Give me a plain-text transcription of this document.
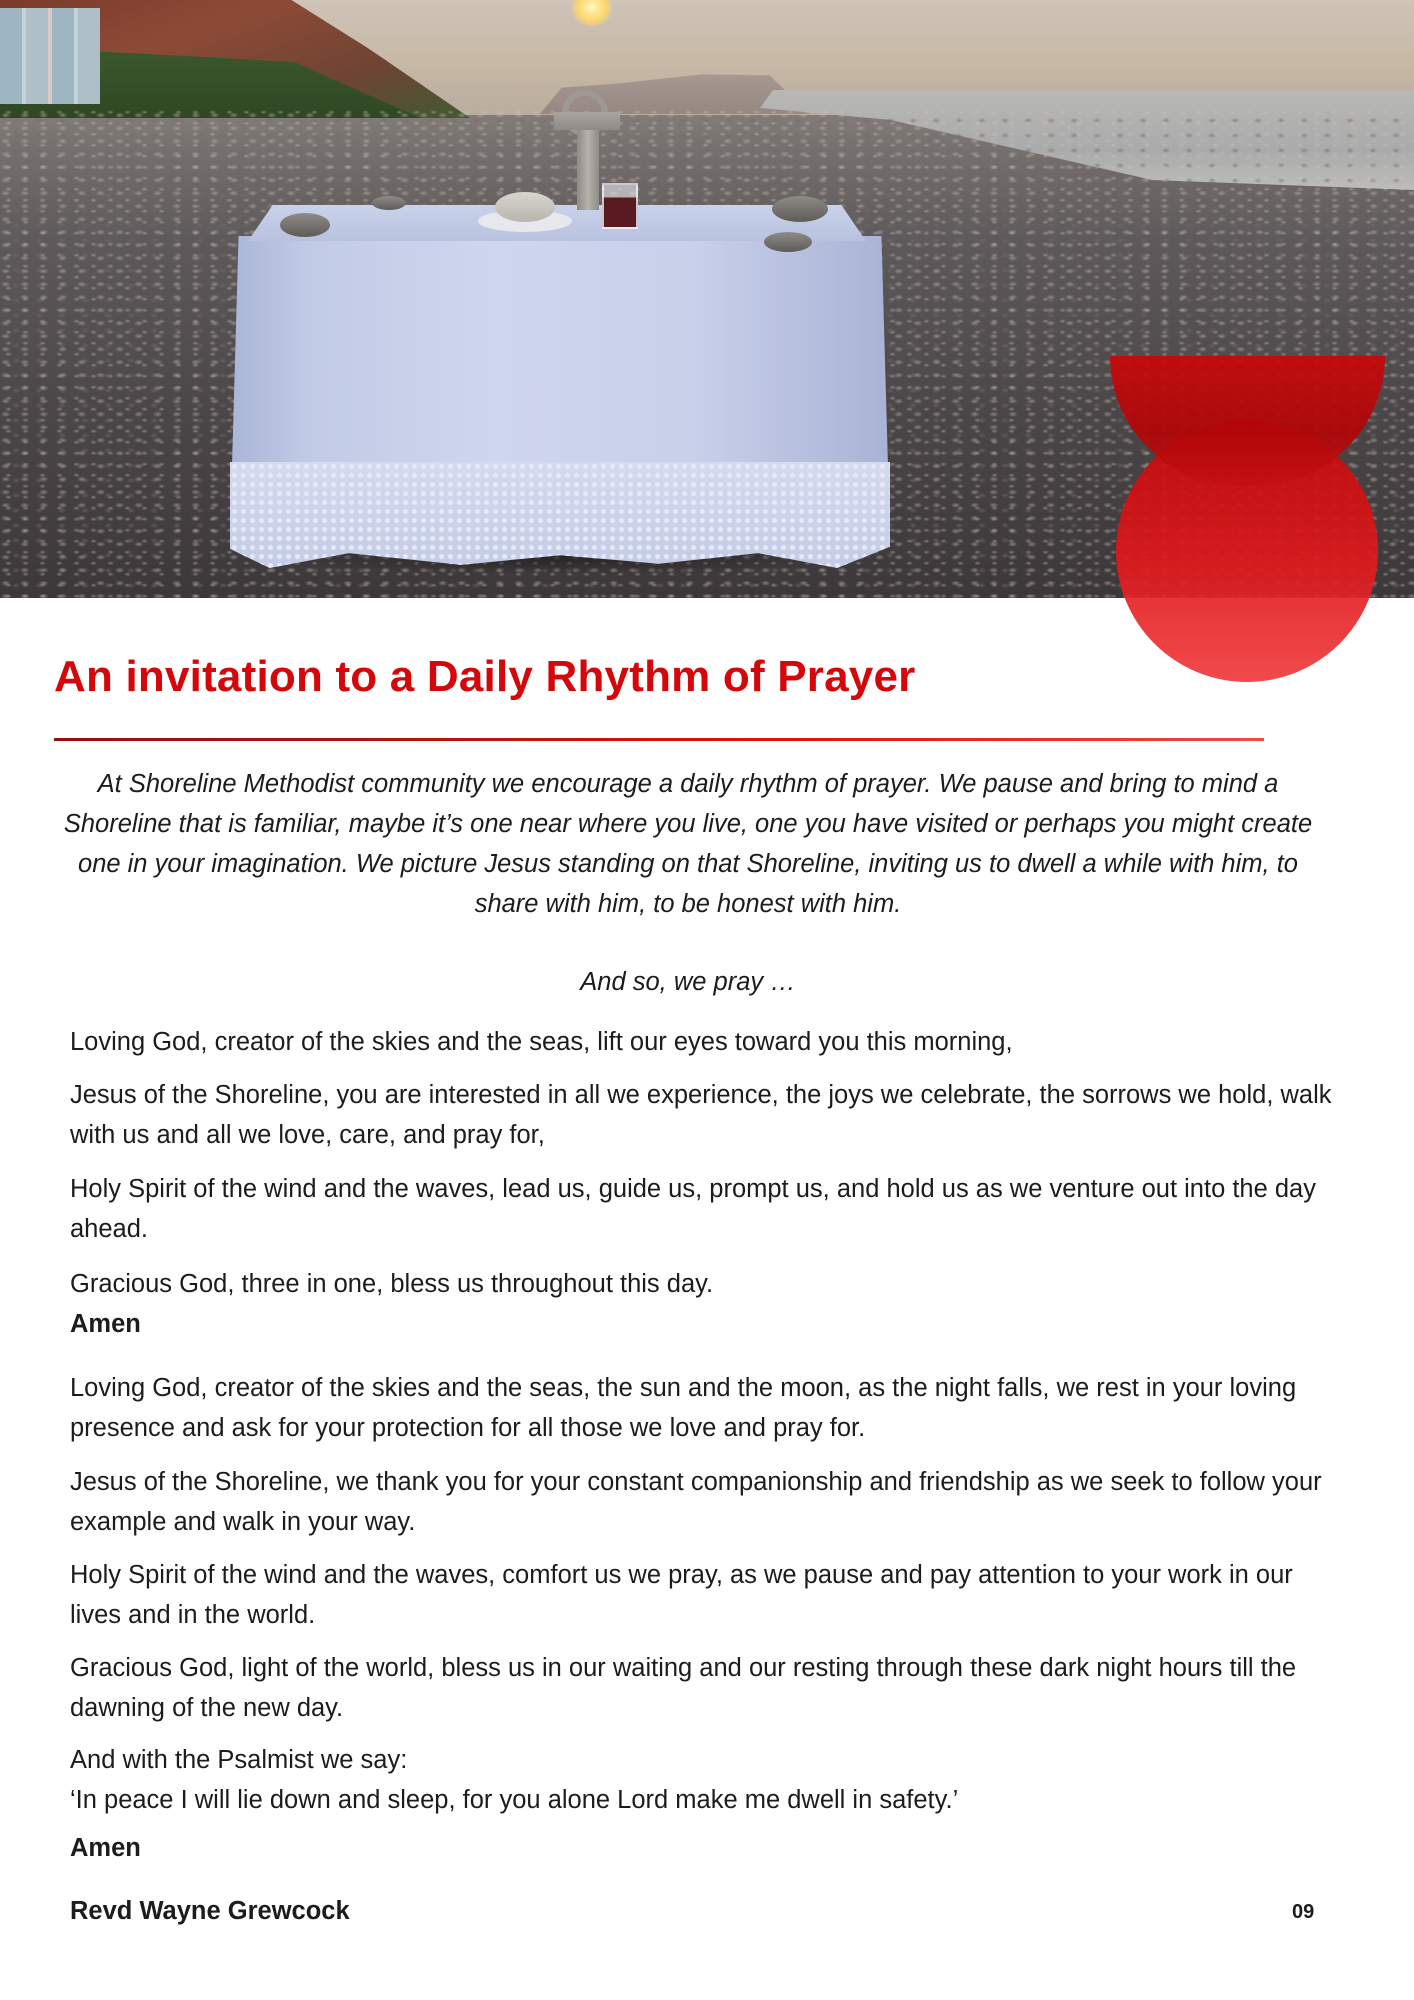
An invitation to a Daily Rhythm of Prayer

At Shoreline Methodist community we encourage a daily rhythm of prayer. We pause and bring to mind a Shoreline that is familiar, maybe it’s one near where you live, one you have visited or perhaps you might create one in your imagination. We picture Jesus standing on that Shoreline, inviting us to dwell a while with him, to share with him, to be honest with him.

And so, we pray …

Loving God, creator of the skies and the seas, lift our eyes toward you this morning,

Jesus of the Shoreline, you are interested in all we experience, the joys we celebrate, the sorrows we hold, walk with us and all we love, care, and pray for,

Holy Spirit of the wind and the waves, lead us, guide us, prompt us, and hold us as we venture out into the day ahead.

Gracious God, three in one, bless us throughout this day.

Amen

Loving God, creator of the skies and the seas, the sun and the moon, as the night falls, we rest in your loving presence and ask for your protection for all those we love and pray for.

Jesus of the Shoreline, we thank you for your constant companionship and friendship as we seek to follow your example and walk in your way.

Holy Spirit of the wind and the waves, comfort us we pray, as we pause and pay attention to your work in our lives and in the world.

Gracious God, light of the world, bless us in our waiting and our resting through these dark night hours till the dawning of the new day.

And with the Psalmist we say:

‘In peace I will lie down and sleep, for you alone Lord make me dwell in safety.’

Amen

Revd Wayne Grewcock	09
